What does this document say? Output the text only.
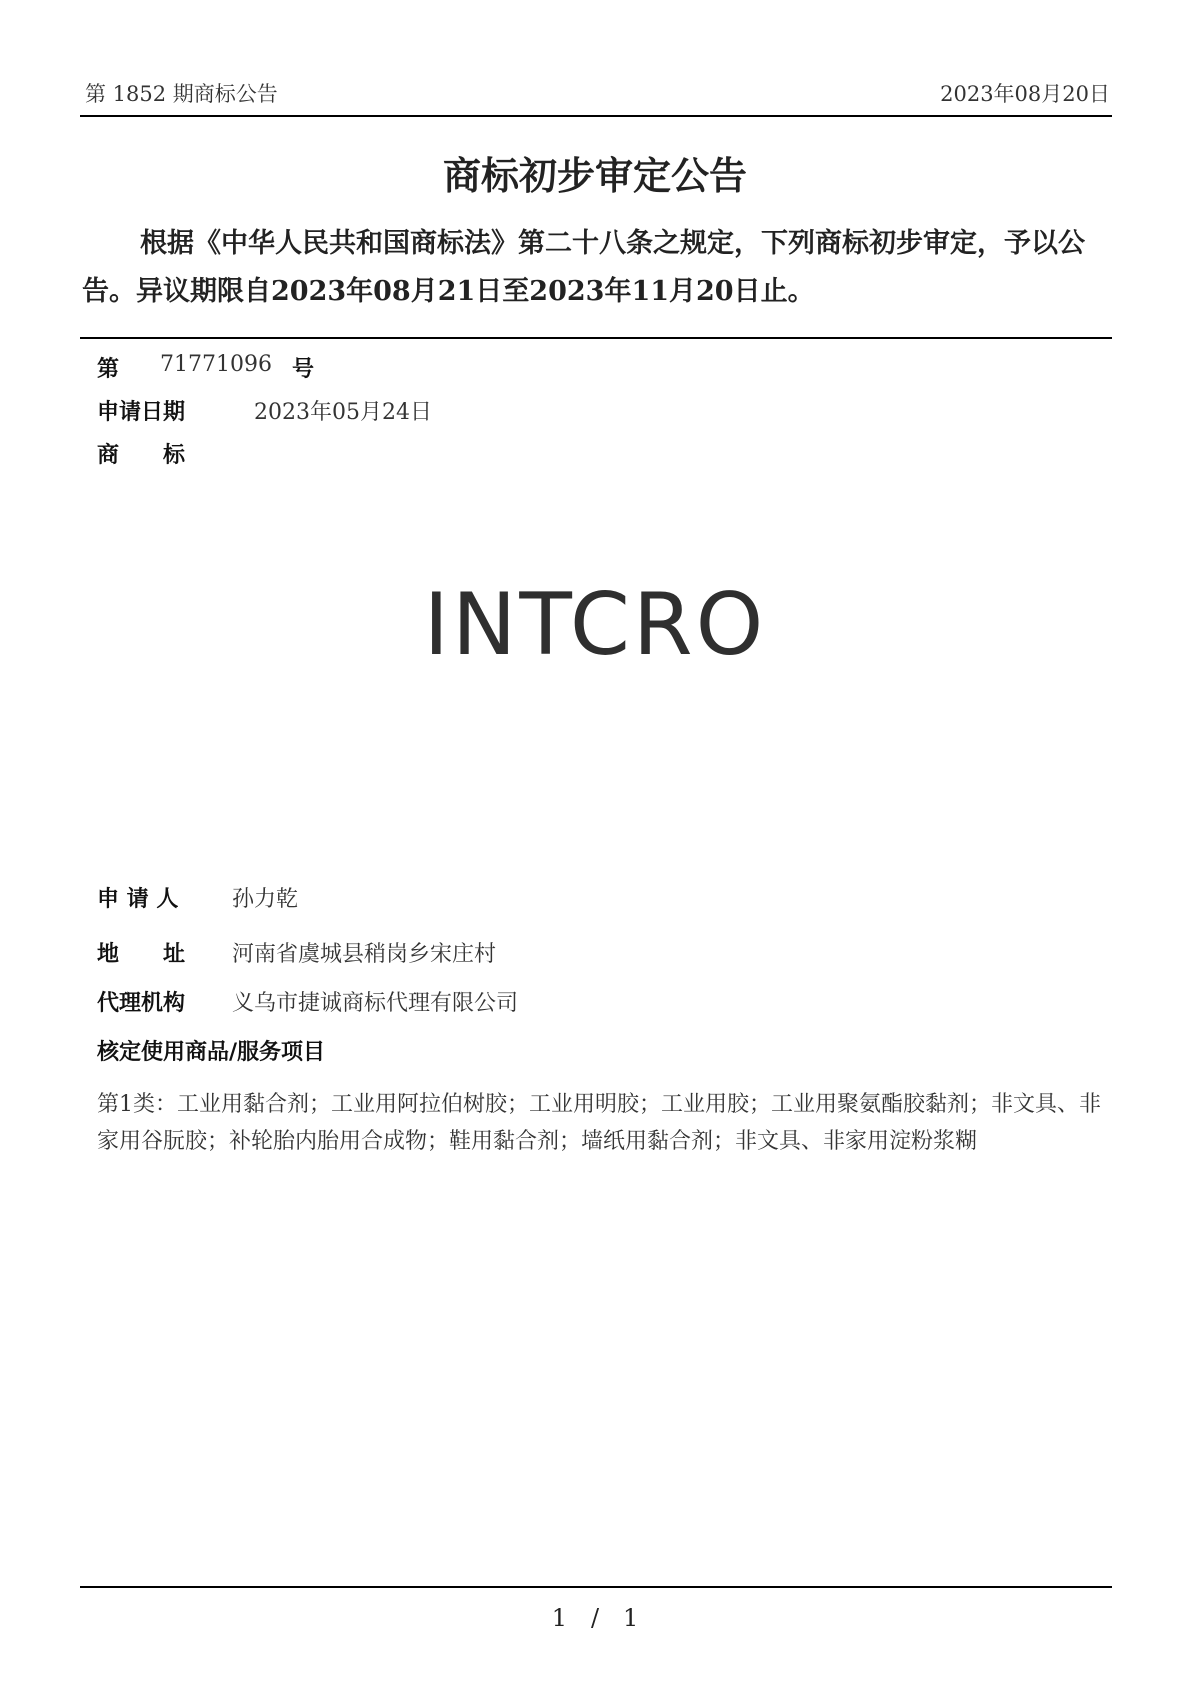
第 1852 期商标公告	2023年08月20日
商标初步审定公告
根据《中华人民共和国商标法》第二十八条之规定，下列商标初步审定，予以公告。异议期限自2023年08月21日至2023年11月20日止。
第 71771096 号
申请日期	2023年05月24日
商　　标
INTCRO
申 请 人 孙力乾
地　　址 河南省虞城县稍岗乡宋庄村
代理机构 义乌市捷诚商标代理有限公司
核定使用商品/服务项目
第1类：工业用黏合剂；工业用阿拉伯树胶；工业用明胶；工业用胶；工业用聚氨酯胶黏剂；非文具、非家用谷朊胶；补轮胎内胎用合成物；鞋用黏合剂；墙纸用黏合剂；非文具、非家用淀粉浆糊
1　/　1
